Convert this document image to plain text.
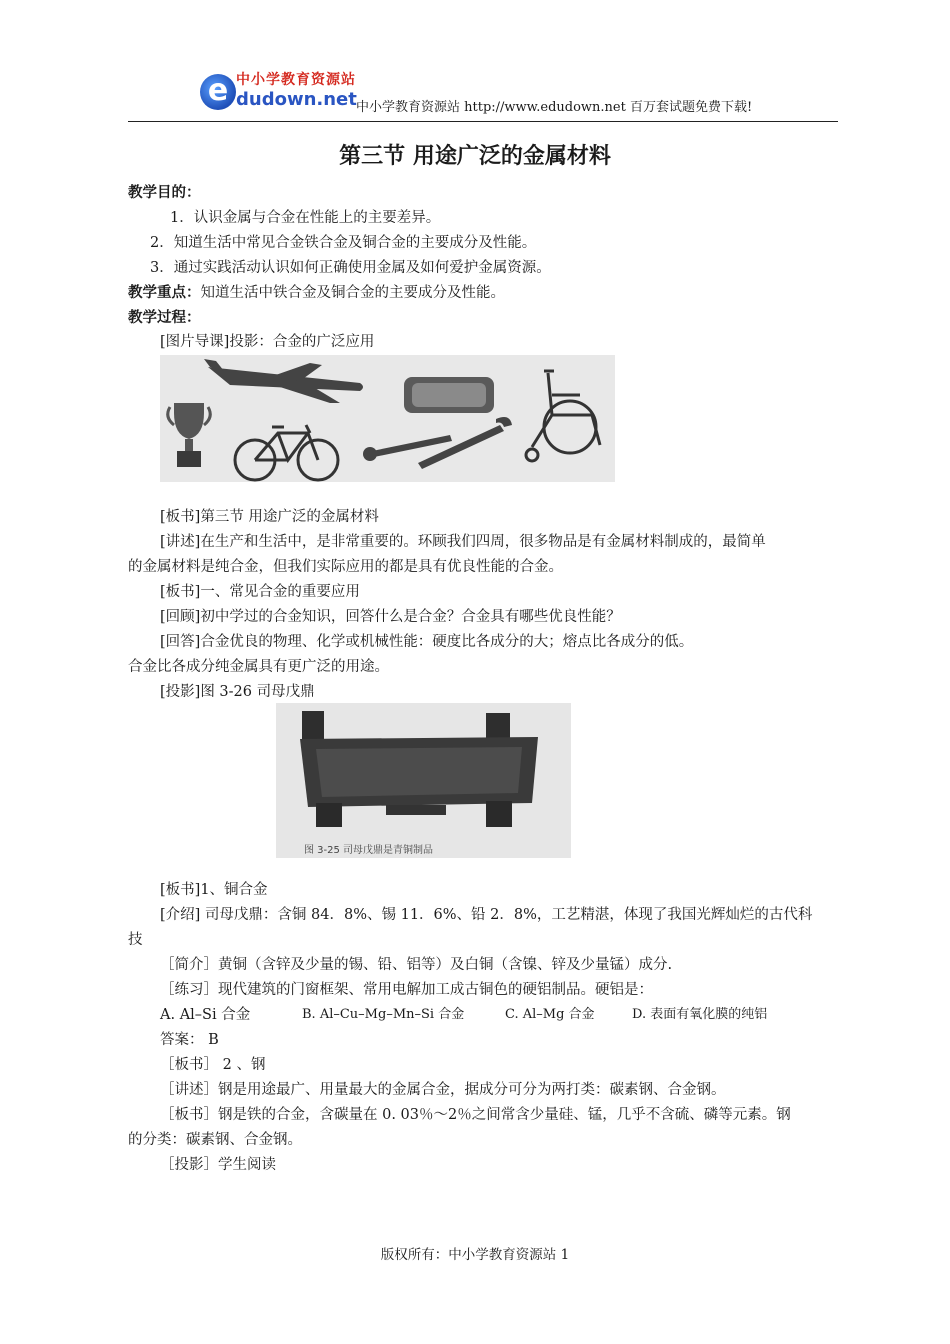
e 中小学教育资源站
dudown.net 中小学教育资源站 http://www.edudown.net 百万套试题免费下载!
第三节 用途广泛的金属材料
教学目的：
1．认识金属与合金在性能上的主要差异。
2．知道生活中常见合金铁合金及铜合金的主要成分及性能。
3．通过实践活动认识如何正确使用金属及如何爱护金属资源。
教学重点：知道生活中铁合金及铜合金的主要成分及性能。
教学过程：
[图片导课]投影：合金的广泛应用
[板书]第三节 用途广泛的金属材料
[讲述]在生产和生活中，是非常重要的。环顾我们四周，很多物品是有金属材料制成的，最简单
的金属材料是纯合金，但我们实际应用的都是具有优良性能的合金。
[板书]一、常见合金的重要应用
[回顾]初中学过的合金知识，回答什么是合金？合金具有哪些优良性能？
[回答]合金优良的物理、化学或机械性能：硬度比各成分的大；熔点比各成分的低。
合金比各成分纯金属具有更广泛的用途。
[投影]图 3-26 司母戊鼎
图 3-25 司母戊鼎是青铜制品
[板书]1、铜合金
[介绍] 司母戊鼎：含铜 84．8%、锡 11．6%、铅 2．8%，工艺精湛，体现了我国光辉灿烂的古代科
技
［简介］黄铜（含锌及少量的锡、铅、铝等）及白铜（含镍、锌及少量锰）成分.
［练习］现代建筑的门窗框架、常用电解加工成古铜色的硬铝制品。硬铝是：
A. Al–Si 合金	B. Al–Cu–Mg–Mn–Si 合金	C. Al–Mg 合金	D. 表面有氧化膜的纯铝
答案： B
［板书］ 2 、钢
［讲述］钢是用途最广、用量最大的金属合金，据成分可分为两打类：碳素钢、合金钢。
［板书］钢是铁的合金，含碳量在 0. 03％～2％之间常含少量硅、锰，几乎不含硫、磷等元素。钢
的分类：碳素钢、合金钢。
［投影］学生阅读
版权所有：中小学教育资源站 1
